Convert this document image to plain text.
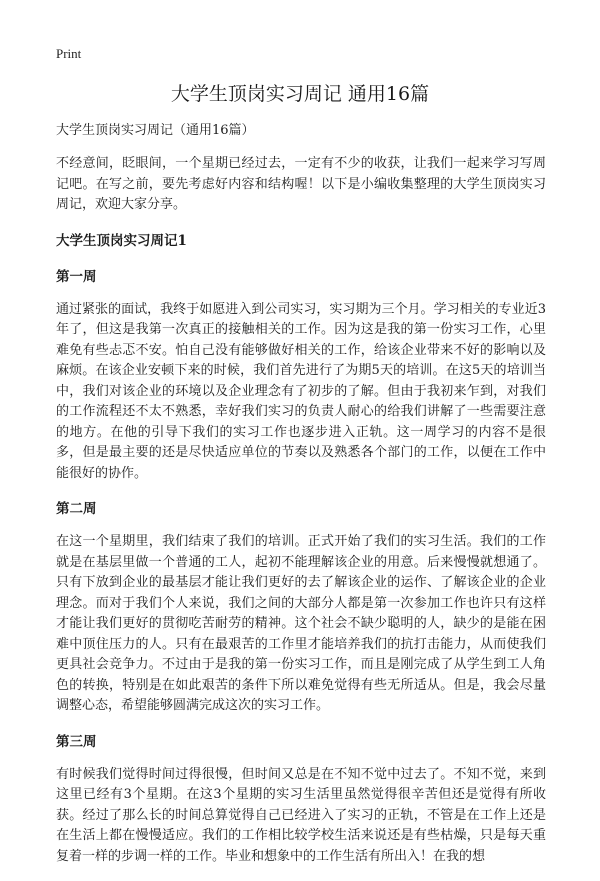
Print
大学生顶岗实习周记 通用16篇
大学生顶岗实习周记（通用16篇）

不经意间，眨眼间，一个星期已经过去，一定有不少的收获，让我们一起来学习写周记吧。在写之前，要先考虑好内容和结构喔！以下是小编收集整理的大学生顶岗实习周记，欢迎大家分享。

大学生顶岗实习周记1
第一周

通过紧张的面试，我终于如愿进入到公司实习，实习期为三个月。学习相关的专业近3年了，但这是我第一次真正的接触相关的工作。因为这是我的第一份实习工作，心里难免有些忐忑不安。怕自己没有能够做好相关的工作，给该企业带来不好的影响以及麻烦。在该企业安顿下来的时候，我们首先进行了为期5天的培训。在这5天的培训当中，我们对该企业的环境以及企业理念有了初步的了解。但由于我初来乍到，对我们的工作流程还不太不熟悉，幸好我们实习的负责人耐心的给我们讲解了一些需要注意的地方。在他的引导下我们的实习工作也逐步进入正轨。这一周学习的内容不是很多，但是最主要的还是尽快适应单位的节奏以及熟悉各个部门的工作，以便在工作中能很好的协作。

第二周

在这一个星期里，我们结束了我们的培训。正式开始了我们的实习生活。我们的工作就是在基层里做一个普通的工人，起初不能理解该企业的用意。后来慢慢就想通了。只有下放到企业的最基层才能让我们更好的去了解该企业的运作、了解该企业的企业理念。而对于我们个人来说，我们之间的大部分人都是第一次参加工作也许只有这样才能让我们更好的贯彻吃苦耐劳的精神。这个社会不缺少聪明的人，缺少的是能在困难中顶住压力的人。只有在最艰苦的工作里才能培养我们的抗打击能力，从而使我们更具社会竞争力。不过由于是我的第一份实习工作，而且是刚完成了从学生到工人角色的转换，特别是在如此艰苦的条件下所以难免觉得有些无所适从。但是，我会尽量调整心态，希望能够圆满完成这次的实习工作。

第三周

有时候我们觉得时间过得很慢，但时间又总是在不知不觉中过去了。不知不觉，来到这里已经有3个星期。在这3个星期的实习生活里虽然觉得很辛苦但还是觉得有所收获。经过了那么长的时间总算觉得自己已经进入了实习的正轨，不管是在工作上还是在生活上都在慢慢适应。我们的工作相比较学校生活来说还是有些枯燥，只是每天重复着一样的步调一样的工作。毕业和想象中的工作生活有所出入！在我的想
